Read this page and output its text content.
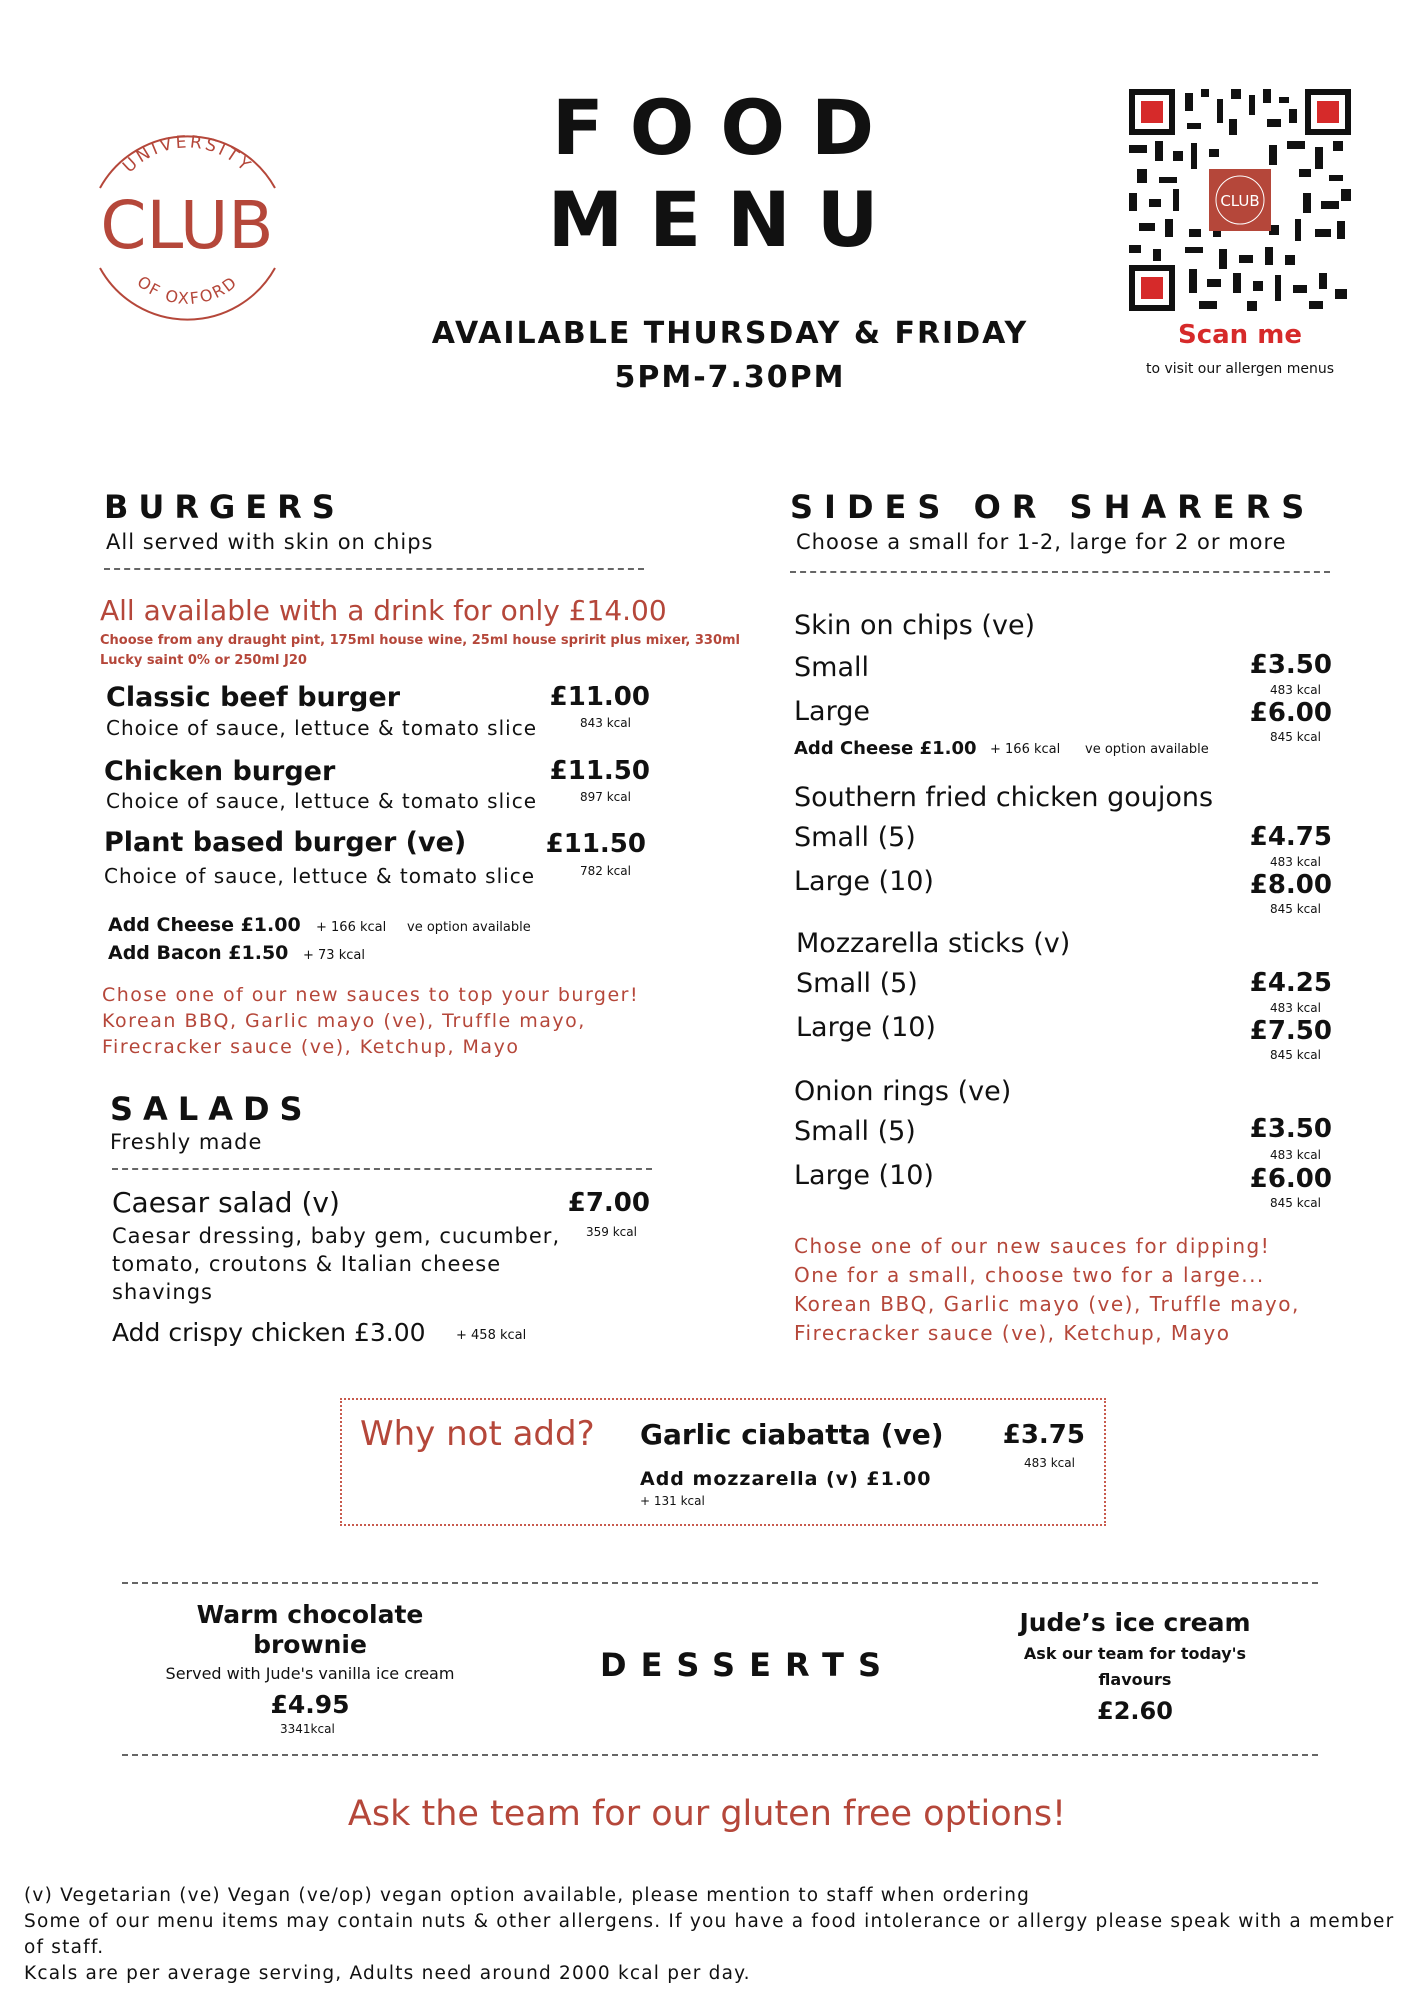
UNIVERSITY
CLUB
OF OXFORD
FOOD
MENU
AVAILABLE THURSDAY & FRIDAY
5PM-7.30PM
CLUB
Scan me
to visit our allergen menus
BURGERS
All served with skin on chips
All available with a drink for only £14.00
Choose from any draught pint, 175ml house wine, 25ml house spririt plus mixer, 330ml Lucky saint 0% or 250ml J20
Classic beef burger
Choice of sauce, lettuce & tomato slice
£11.00
843 kcal
Chicken burger
Choice of sauce, lettuce & tomato slice
£11.50
897 kcal
Plant based burger (ve)
Choice of sauce, lettuce & tomato slice
£11.50
782 kcal
Add Cheese £1.00 + 166 kcal ve option available
Add Bacon £1.50 + 73 kcal
Chose one of our new sauces to top your burger!
Korean BBQ, Garlic mayo (ve), Truffle mayo, Firecracker sauce (ve), Ketchup, Mayo
SALADS
Freshly made
Caesar salad (v)
Caesar dressing, baby gem, cucumber, tomato, croutons & Italian cheese shavings
£7.00
359 kcal
Add crispy chicken £3.00 + 458 kcal
SIDES OR SHARERS
Choose a small for 1-2, large for 2 or more
Skin on chips (ve)
Small	£3.50
483 kcal
Large	£6.00
845 kcal
Add Cheese £1.00 + 166 kcal ve option available
Southern fried chicken goujons
Small (5)	£4.75
483 kcal
Large (10)	£8.00
845 kcal
Mozzarella sticks (v)
Small (5)	£4.25
483 kcal
Large (10)	£7.50
845 kcal
Onion rings (ve)
Small (5)	£3.50
483 kcal
Large (10)	£6.00
845 kcal
Chose one of our new sauces for dipping!
One for a small, choose two for a large...
Korean BBQ, Garlic mayo (ve), Truffle mayo,
Firecracker sauce (ve), Ketchup, Mayo
Why not add? Garlic ciabatta (ve)	£3.75
483 kcal
Add mozzarella (v) £1.00
+ 131 kcal
Warm chocolate
brownie
Served with Jude's vanilla ice cream
£4.95
3341kcal
DESSERTS
Jude’s ice cream
Ask our team for today's
flavours
£2.60
Ask the team for our gluten free options!
(v) Vegetarian (ve) Vegan (ve/op) vegan option available, please mention to staff when ordering
Some of our menu items may contain nuts & other allergens. If you have a food intolerance or allergy please speak with a member of staff.
Kcals are per average serving, Adults need around 2000 kcal per day.
